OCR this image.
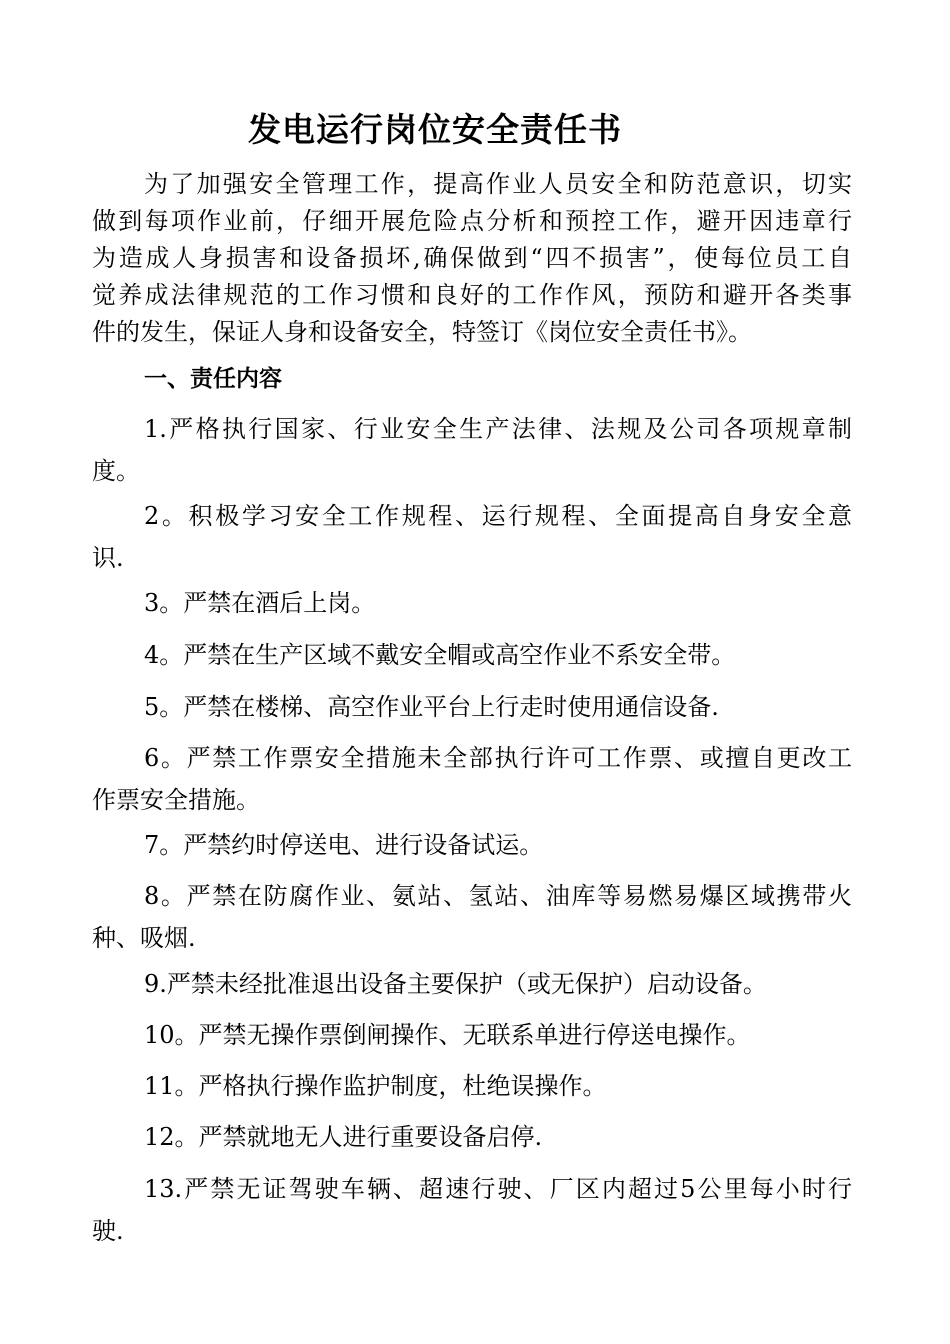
发电运行岗位安全责任书
为了加强安全管理工作，提高作业人员安全和防范意识，切实
做到每项作业前，仔细开展危险点分析和预控工作，避开因违章行
为造成人身损害和设备损坏,确保做到“四不损害”，使每位员工自
觉养成法律规范的工作习惯和良好的工作作风，预防和避开各类事
件的发生，保证人身和设备安全，特签订《岗位安全责任书》。
一、责任内容
1.严格执行国家、行业安全生产法律、法规及公司各项规章制
度。
2。积极学习安全工作规程、运行规程、全面提高自身安全意
识.
3。严禁在酒后上岗。
4。严禁在生产区域不戴安全帽或高空作业不系安全带。
5。严禁在楼梯、高空作业平台上行走时使用通信设备.
6。严禁工作票安全措施未全部执行许可工作票、或擅自更改工
作票安全措施。
7。严禁约时停送电、进行设备试运。
8。严禁在防腐作业、氨站、氢站、油库等易燃易爆区域携带火
种、吸烟.
9.严禁未经批准退出设备主要保护（或无保护）启动设备。
10。严禁无操作票倒闸操作、无联系单进行停送电操作。
11。严格执行操作监护制度，杜绝误操作。
12。严禁就地无人进行重要设备启停.
13.严禁无证驾驶车辆、超速行驶、厂区内超过5公里每小时行
驶.
